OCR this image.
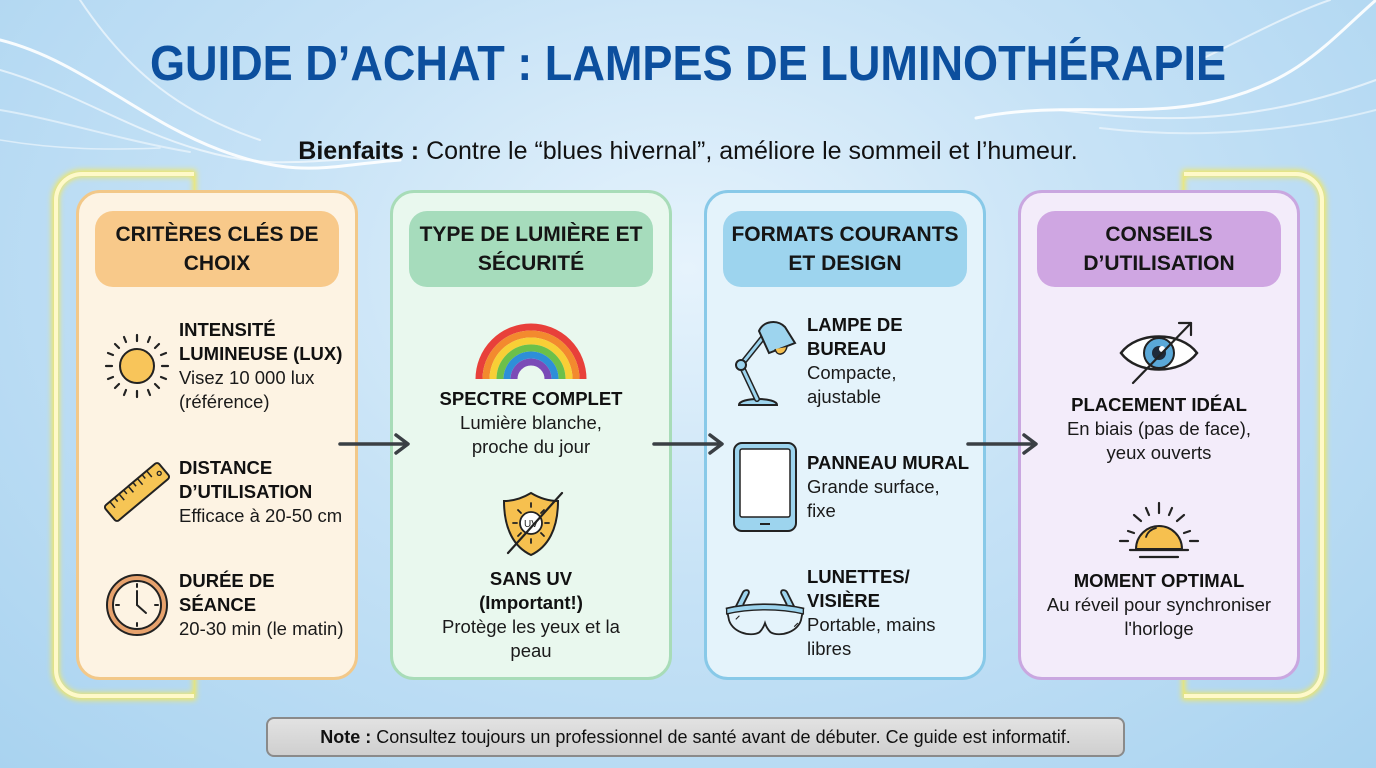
GUIDE D’ACHAT : LAMPES DE LUMINOTHÉRAPIE
Bienfaits : Contre le “blues hivernal”, améliore le sommeil et l’humeur.
CRITÈRES CLÉS DE CHOIX
INTENSITÉ LUMINEUSE (LUX)
Visez 10 000 lux (référence)
DISTANCE D’UTILISATION
Efficace à 20-50 cm
DURÉE DE SÉANCE
20-30 min (le matin)
TYPE DE LUMIÈRE ET SÉCURITÉ
SPECTRE COMPLET
Lumière blanche, proche du jour
UV
SANS UV (Important!)
Protège les yeux et la peau
FORMATS COURANTS ET DESIGN
LAMPE DE BUREAU
Compacte, ajustable
PANNEAU MURAL
Grande surface, fixe
LUNETTES/ VISIÈRE
Portable, mains libres
CONSEILS D’UTILISATION
PLACEMENT IDÉAL
En biais (pas de face), yeux ouverts
MOMENT OPTIMAL
Au réveil pour synchroniser l'horloge
Note : Consultez toujours un professionnel de santé avant de débuter. Ce guide est informatif.
